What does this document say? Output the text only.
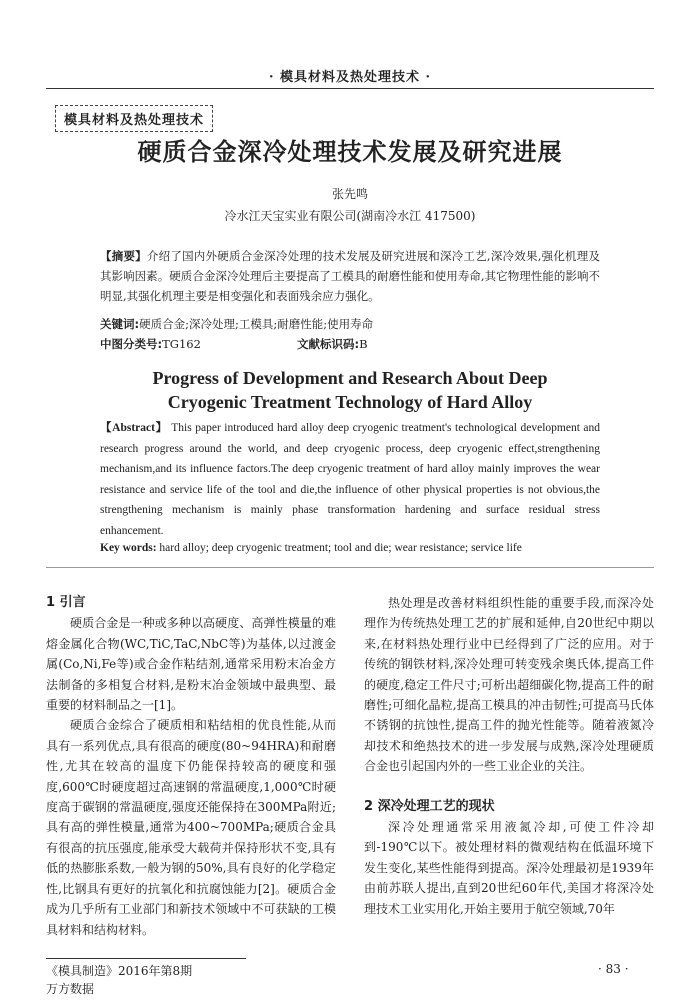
· 模具材料及热处理技术 ·
模具材料及热处理技术
硬质合金深冷处理技术发展及研究进展
张先鸣
冷水江天宝实业有限公司(湖南冷水江 417500)
【摘要】介绍了国内外硬质合金深冷处理的技术发展及研究进展和深冷工艺,深冷效果,强化机理及其影响因素。硬质合金深冷处理后主要提高了工模具的耐磨性能和使用寿命,其它物理性能的影响不明显,其强化机理主要是相变强化和表面残余应力强化。
关键词:硬质合金;深冷处理;工模具;耐磨性能;使用寿命
中图分类号:TG162	文献标识码:B
Progress of Development and Research About Deep
Cryogenic Treatment Technology of Hard Alloy
【Abstract】 This paper introduced hard alloy deep cryogenic treatment's technological development and research progress around the world, and deep cryogenic process, deep cryogenic effect,strengthening mechanism,and its influence factors.The deep cryogenic treatment of hard alloy mainly improves the wear resistance and service life of the tool and die,the influence of other physical properties is not obvious,the strengthening mechanism is mainly phase transformation hardening and surface residual stress enhancement.
Key words: hard alloy; deep cryogenic treatment; tool and die; wear resistance; service life

1 引言

硬质合金是一种或多种以高硬度、高弹性模量的难熔金属化合物(WC,TiC,TaC,NbC等)为基体,以过渡金属(Co,Ni,Fe等)或合金作粘结剂,通常采用粉末冶金方法制备的多相复合材料,是粉末冶金领域中最典型、最重要的材料制品之一[1]。

硬质合金综合了硬质相和粘结相的优良性能,从而具有一系列优点,具有很高的硬度(80~94HRA)和耐磨性,尤其在较高的温度下仍能保持较高的硬度和强度,600℃时硬度超过高速钢的常温硬度,1,000℃时硬度高于碳钢的常温硬度,强度还能保持在300MPa附近;具有高的弹性模量,通常为400~700MPa;硬质合金具有很高的抗压强度,能承受大载荷并保持形状不变,具有低的热膨胀系数,一般为钢的50%,具有良好的化学稳定性,比钢具有更好的抗氧化和抗腐蚀能力[2]。硬质合金成为几乎所有工业部门和新技术领域中不可获缺的工模具材料和结构材料。

热处理是改善材料组织性能的重要手段,而深冷处理作为传统热处理工艺的扩展和延伸,自20世纪中期以来,在材料热处理行业中已经得到了广泛的应用。对于传统的钢铁材料,深冷处理可转变残余奥氏体,提高工件的硬度,稳定工件尺寸;可析出超细碳化物,提高工件的耐磨性;可细化晶粒,提高工模具的冲击韧性;可提高马氏体不锈钢的抗蚀性,提高工件的抛光性能等。随着液氮冷却技术和绝热技术的进一步发展与成熟,深冷处理硬质合金也引起国内外的一些工业企业的关注。

2 深冷处理工艺的现状

深冷处理通常采用液氮冷却,可使工件冷却到-190℃以下。被处理材料的微观结构在低温环境下发生变化,某些性能得到提高。深冷处理最初是1939年由前苏联人提出,直到20世纪60年代,美国才将深冷处理技术工业实用化,开始主要用于航空领域,70年

《模具制造》2016年第8期	· 83 ·
万方数据
